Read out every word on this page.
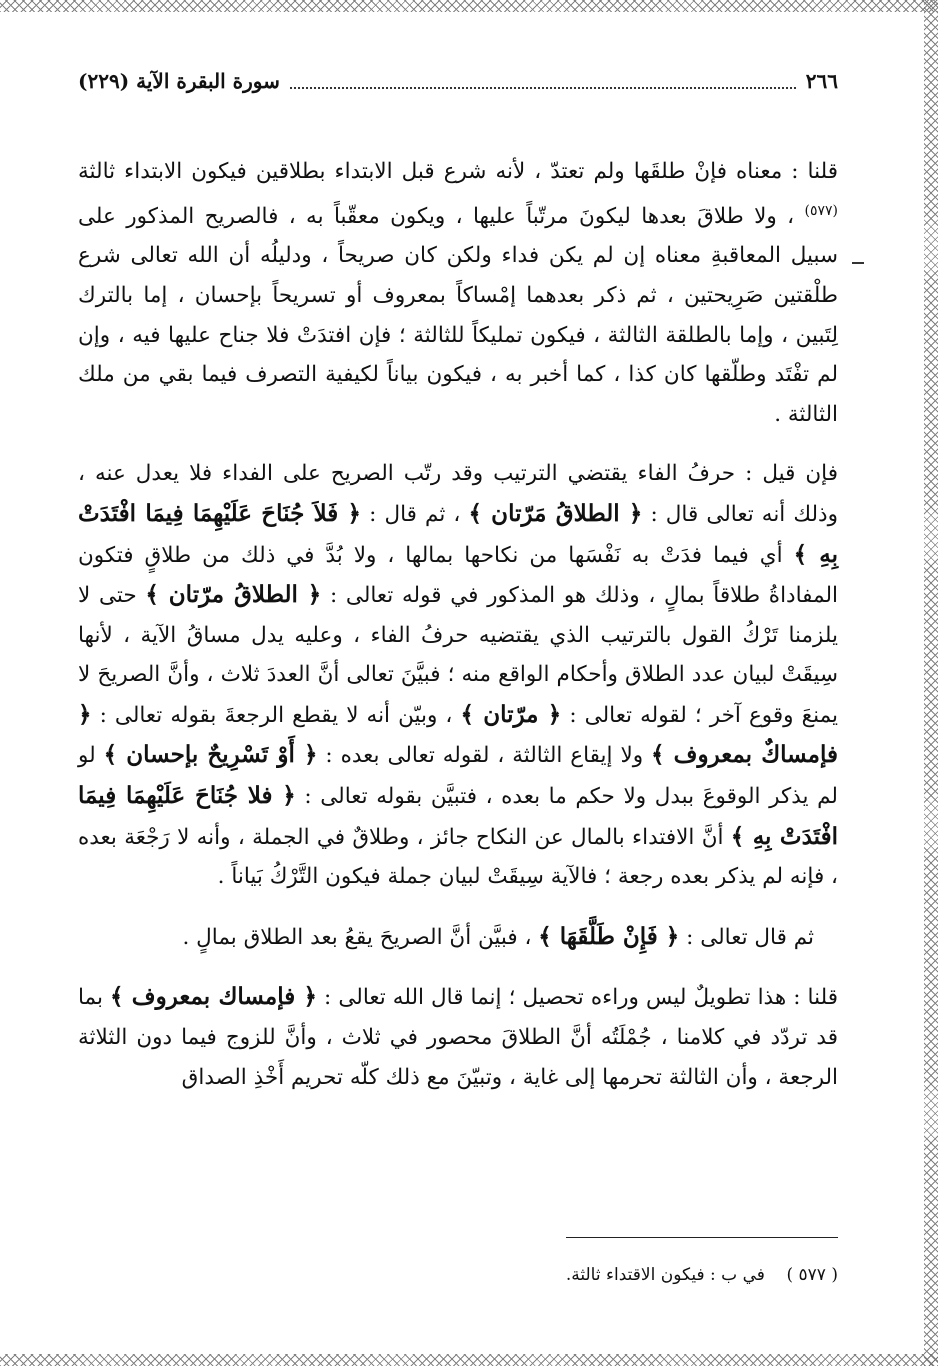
٢٦٦
سورة البقرة الآية (٢٢٩)

قلنا : معناه فإنْ طلقَها ولم تعتدّ ، لأنه شرع قبل الابتداء بطلاقين فيكون الابتداء ثالثة $^{(٥٧٧)}$ ، ولا طلاقَ بعدها ليكونَ مرتّباً عليها ، ويكون معقّباً به ، فالصريح المذكور على سبيل المعاقبةِ معناه إن لم يكن فداء ولكن كان صريحاً ، ودليلُه أن الله تعالى شرع طلْقتين صَرِيحتين ، ثم ذكر بعدهما إمْساكاً بمعروف أو تسريحاً بإحسان ، إما بالترك لِتَبين ، وإما بالطلقة الثالثة ، فيكون تمليكاً للثالثة ؛ فإن افتدَتْ فلا جناح عليها فيه ، وإن لم تفْتَد وطلّقها كان كذا ، كما أخبر به ، فيكون بياناً لكيفية التصرف فيما بقي من ملك الثالثة .

فإن قيل : حرفُ الفاء يقتضي الترتيب وقد رتّب الصريح على الفداء فلا يعدل عنه ، وذلك أنه تعالى قال : ﴿ الطلاقُ مَرّتان ﴾ ، ثم قال : ﴿ فَلاَ جُنَاحَ عَلَيْهِمَا فِيمَا افْتَدَتْ بِهِ ﴾ أي فيما فدَتْ به نَفْسَها من نكاحها بمالها ، ولا بُدَّ في ذلك من طلاقٍ فتكون المفاداةُ طلاقاً بمالٍ ، وذلك هو المذكور في قوله تعالى : ﴿ الطلاقُ مرّتان ﴾ حتى لا يلزمنا تَرْكُ القول بالترتيب الذي يقتضيه حرفُ الفاء ، وعليه يدل مساقُ الآية ، لأنها سِيقَتْ لبيان عدد الطلاق وأحكام الواقع منه ؛ فبيَّنَ تعالى أنَّ العددَ ثلاث ، وأنَّ الصريحَ لا يمنعَ وقوع آخر ؛ لقوله تعالى : ﴿ مرّتان ﴾ ، وبيّن أنه لا يقطع الرجعةَ بقوله تعالى : ﴿ فإمساكٌ بمعروف ﴾ ولا إيقاع الثالثة ، لقوله تعالى بعده : ﴿ أَوْ تَسْرِيحٌ بإحسان ﴾ لو لم يذكر الوقوعَ ببدل ولا حكم ما بعده ، فتبيَّن بقوله تعالى : ﴿ فلا جُنَاحَ عَلَيْهِمَا فِيمَا افْتَدَتْ بِهِ ﴾ أنَّ الافتداء بالمال عن النكاح جائز ، وطلاقٌ في الجملة ، وأنه لا رَجْعَة بعده ، فإنه لم يذكر بعده رجعة ؛ فالآية سِيقَتْ لبيان جملة فيكون التَّرْكُ بَياناً .

ثم قال تعالى : ﴿ فَإِنْ طَلَّقَهَا ﴾ ، فبيَّن أنَّ الصريحَ يقعُ بعد الطلاق بمالٍ .

قلنا : هذا تطويلٌ ليس وراءه تحصيل ؛ إنما قال الله تعالى : ﴿ فإمساك بمعروف ﴾ بما قد تردّد في كلامنا ، جُمْلَتُه أنَّ الطلاقَ محصور في ثلاث ، وأنَّ للزوج فيما دون الثلاثة الرجعة ، وأن الثالثة تحرمها إلى غاية ، وتبيّنَ مع ذلك كلّه تحريم أَخْذِ الصداق

( ٥٧٧ )    في ب : فيكون الاقتداء ثالثة.
